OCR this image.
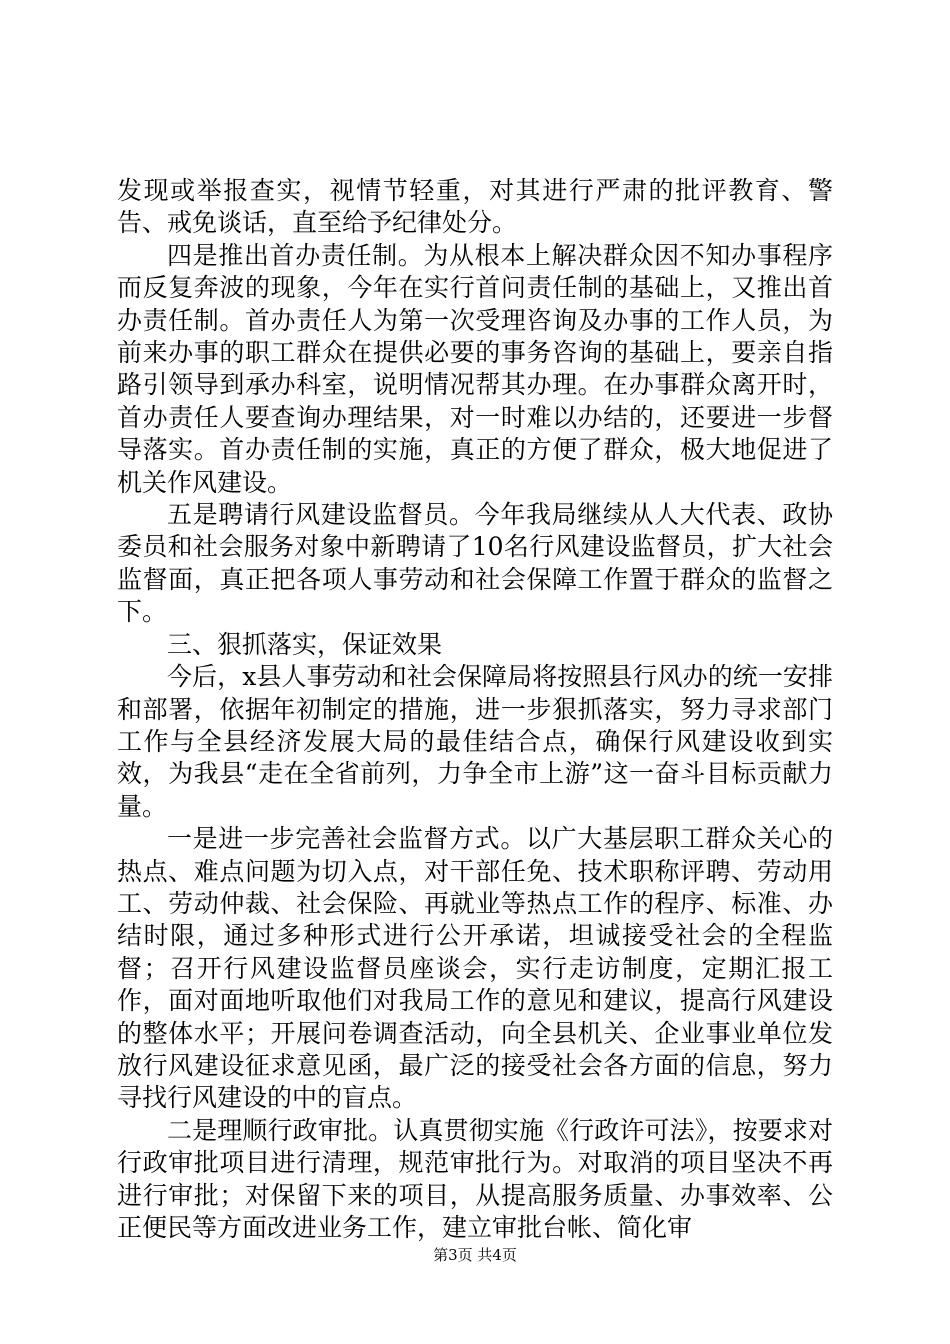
发现或举报查实，视情节轻重，对其进行严肃的批评教育、警告、戒免谈话，直至给予纪律处分。

四是推出首办责任制。为从根本上解决群众因不知办事程序而反复奔波的现象，今年在实行首问责任制的基础上，又推出首办责任制。首办责任人为第一次受理咨询及办事的工作人员，为前来办事的职工群众在提供必要的事务咨询的基础上，要亲自指路引领导到承办科室，说明情况帮其办理。在办事群众离开时，首办责任人要查询办理结果，对一时难以办结的，还要进一步督导落实。首办责任制的实施，真正的方便了群众，极大地促进了机关作风建设。

五是聘请行风建设监督员。今年我局继续从人大代表、政协委员和社会服务对象中新聘请了10名行风建设监督员，扩大社会监督面，真正把各项人事劳动和社会保障工作置于群众的监督之下。

三、狠抓落实，保证效果

今后，x县人事劳动和社会保障局将按照县行风办的统一安排和部署，依据年初制定的措施，进一步狠抓落实，努力寻求部门工作与全县经济发展大局的最佳结合点，确保行风建设收到实效，为我县“走在全省前列，力争全市上游”这一奋斗目标贡献力量。

一是进一步完善社会监督方式。以广大基层职工群众关心的热点、难点问题为切入点，对干部任免、技术职称评聘、劳动用工、劳动仲裁、社会保险、再就业等热点工作的程序、标准、办结时限，通过多种形式进行公开承诺，坦诚接受社会的全程监督；召开行风建设监督员座谈会，实行走访制度，定期汇报工作，面对面地听取他们对我局工作的意见和建议，提高行风建设的整体水平；开展问卷调查活动，向全县机关、企业事业单位发放行风建设征求意见函，最广泛的接受社会各方面的信息，努力寻找行风建设的中的盲点。

二是理顺行政审批。认真贯彻实施《行政许可法》，按要求对行政审批项目进行清理，规范审批行为。对取消的项目坚决不再进行审批；对保留下来的项目，从提高服务质量、办事效率、公正便民等方面改进业务工作，建立审批台帐、简化审

第3页 共4页
